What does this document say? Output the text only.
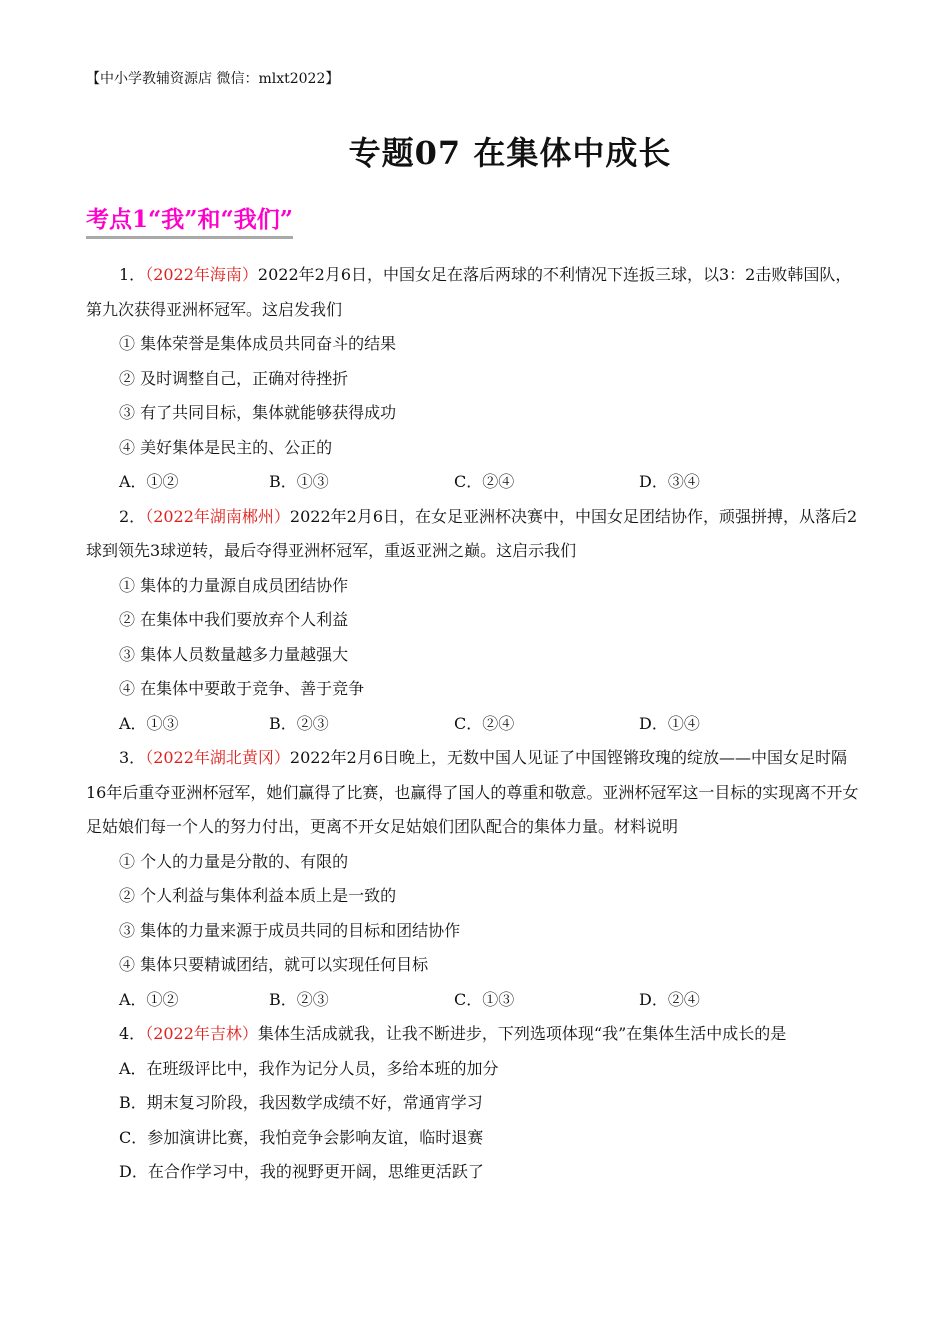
【中小学教辅资源店 微信：mlxt2022】
专题07 在集体中成长
考点1“我”和“我们”

1．（2022年海南）2022年2月6日，中国女足在落后两球的不利情况下连扳三球，以3：2击败韩国队，第九次获得亚洲杯冠军。这启发我们

① 集体荣誉是集体成员共同奋斗的结果

② 及时调整自己，正确对待挫折

③ 有了共同目标，集体就能够获得成功

④ 美好集体是民主的、公正的

A．①②	B．①③	C．②④	D．③④

2．（2022年湖南郴州）2022年2月6日，在女足亚洲杯决赛中，中国女足团结协作，顽强拼搏，从落后2球到领先3球逆转，最后夺得亚洲杯冠军，重返亚洲之巅。这启示我们

① 集体的力量源自成员团结协作

② 在集体中我们要放弃个人利益

③ 集体人员数量越多力量越强大

④ 在集体中要敢于竞争、善于竞争

A．①③	B．②③	C．②④	D．①④

3．（2022年湖北黄冈）2022年2月6日晚上，无数中国人见证了中国铿锵玫瑰的绽放——中国女足时隔16年后重夺亚洲杯冠军，她们赢得了比赛，也赢得了国人的尊重和敬意。亚洲杯冠军这一目标的实现离不开女足姑娘们每一个人的努力付出，更离不开女足姑娘们团队配合的集体力量。材料说明

① 个人的力量是分散的、有限的

② 个人利益与集体利益本质上是一致的

③ 集体的力量来源于成员共同的目标和团结协作

④ 集体只要精诚团结，就可以实现任何目标

A．①②	B．②③	C．①③	D．②④

4．（2022年吉林）集体生活成就我，让我不断进步，下列选项体现“我”在集体生活中成长的是

A．在班级评比中，我作为记分人员，多给本班的加分

B．期末复习阶段，我因数学成绩不好，常通宵学习

C．参加演讲比赛，我怕竞争会影响友谊，临时退赛

D．在合作学习中，我的视野更开阔，思维更活跃了
